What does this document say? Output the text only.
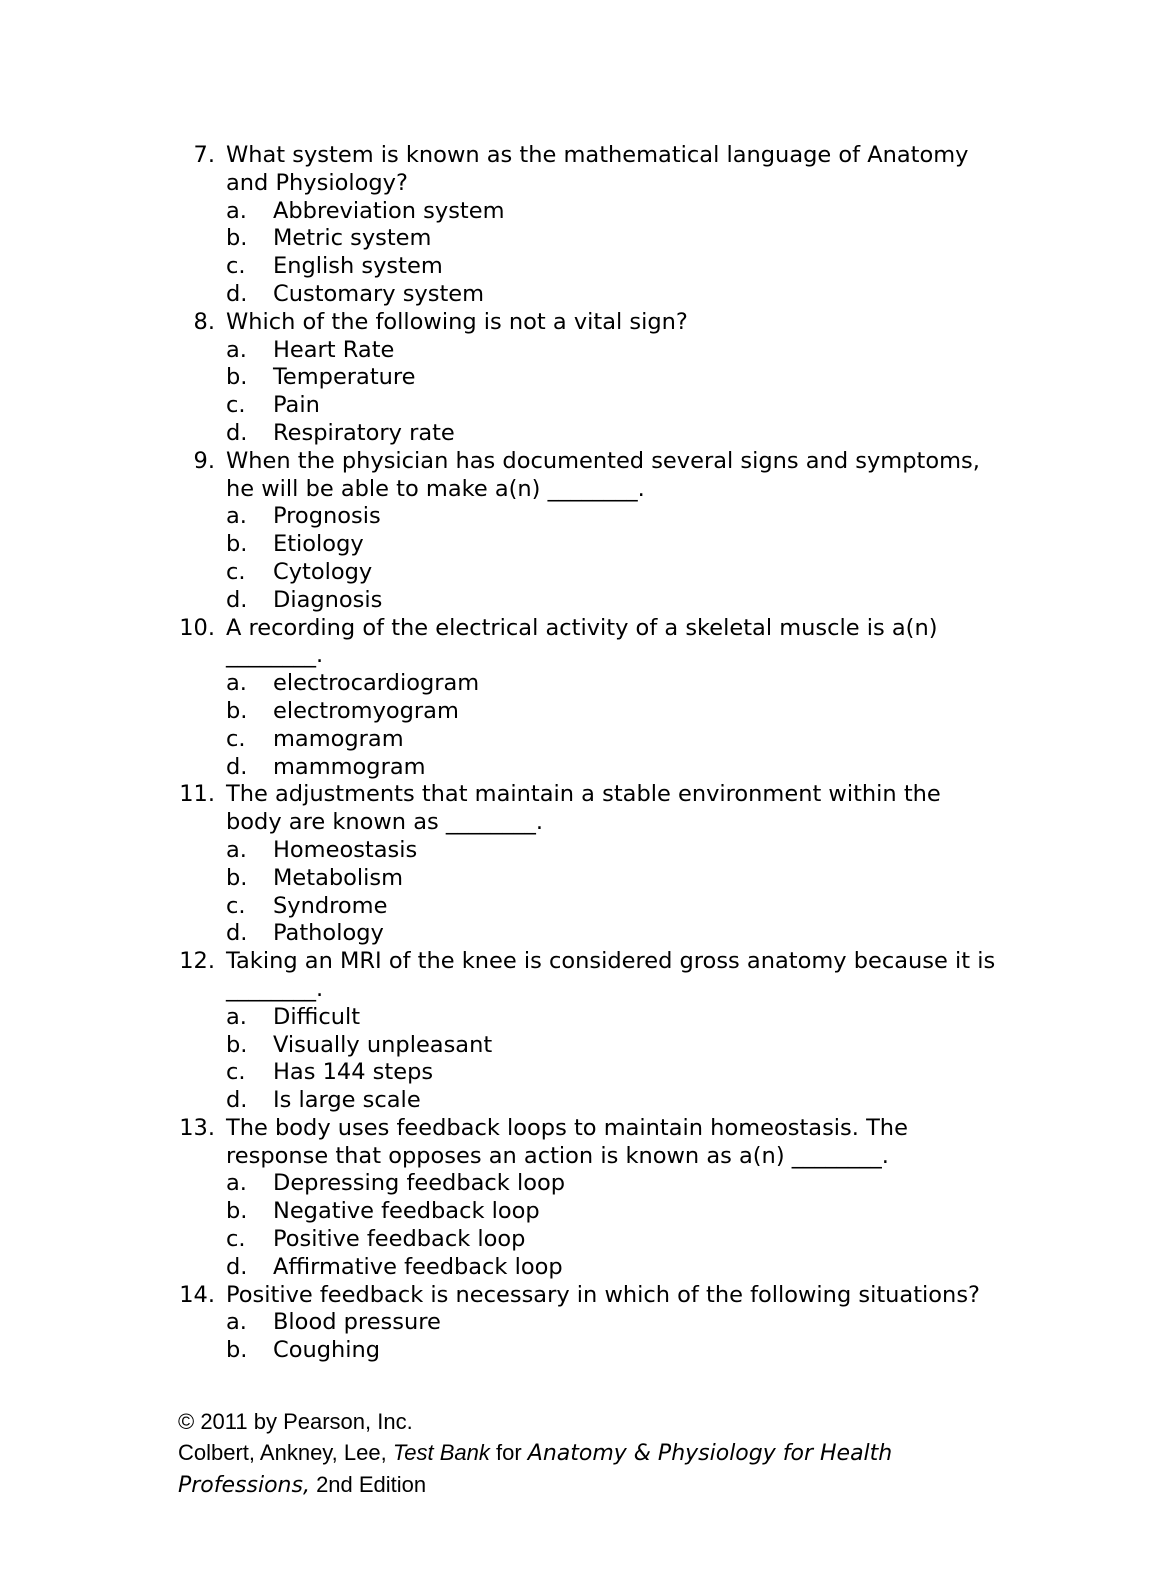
7. What system is known as the mathematical language of Anatomy and Physiology?
a. Abbreviation system
b. Metric system
c. English system
d. Customary system
8. Which of the following is not a vital sign?
a. Heart Rate
b. Temperature
c. Pain
d. Respiratory rate
9. When the physician has documented several signs and symptoms, he will be able to make a(n) ________.
a. Prognosis
b. Etiology
c. Cytology
d. Diagnosis
10. A recording of the electrical activity of a skeletal muscle is a(n) ________.
a. electrocardiogram
b. electromyogram
c. mamogram
d. mammogram
11. The adjustments that maintain a stable environment within the body are known as ________.
a. Homeostasis
b. Metabolism
c. Syndrome
d. Pathology
12. Taking an MRI of the knee is considered gross anatomy because it is ________.
a. Difficult
b. Visually unpleasant
c. Has 144 steps
d. Is large scale
13. The body uses feedback loops to maintain homeostasis. The response that opposes an action is known as a(n) ________.
a. Depressing feedback loop
b. Negative feedback loop
c. Positive feedback loop
d. Affirmative feedback loop
14. Positive feedback is necessary in which of the following situations?
a. Blood pressure
b. Coughing
© 2011 by Pearson, Inc.
Colbert, Ankney, Lee, Test Bank for Anatomy & Physiology for Health
Professions, 2nd Edition
